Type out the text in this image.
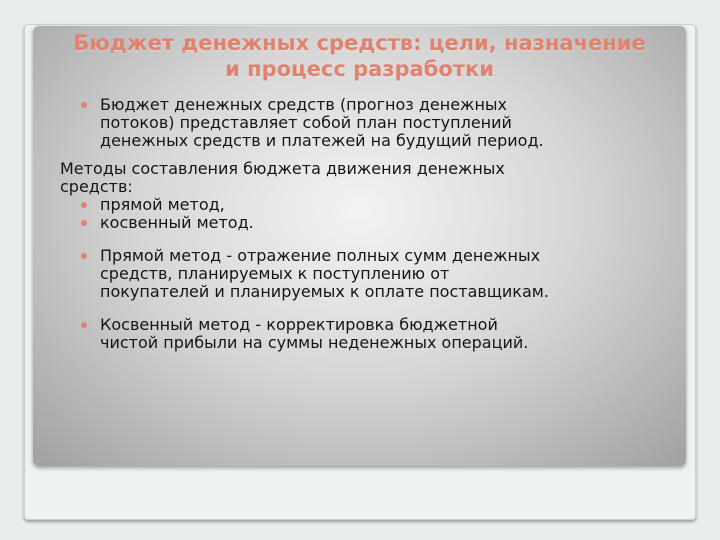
Бюджет денежных средств: цели, назначение
и процесс разработки
Бюджет денежных средств (прогноз денежных
потоков) представляет собой план поступлений
денежных средств и платежей на будущий период.
Методы составления бюджета движения денежных
средств:
прямой метод,
косвенный метод.
Прямой метод - отражение полных сумм денежных
средств, планируемых к поступлению от
покупателей и планируемых к оплате поставщикам.
Косвенный метод - корректировка бюджетной
чистой прибыли на суммы неденежных операций.
